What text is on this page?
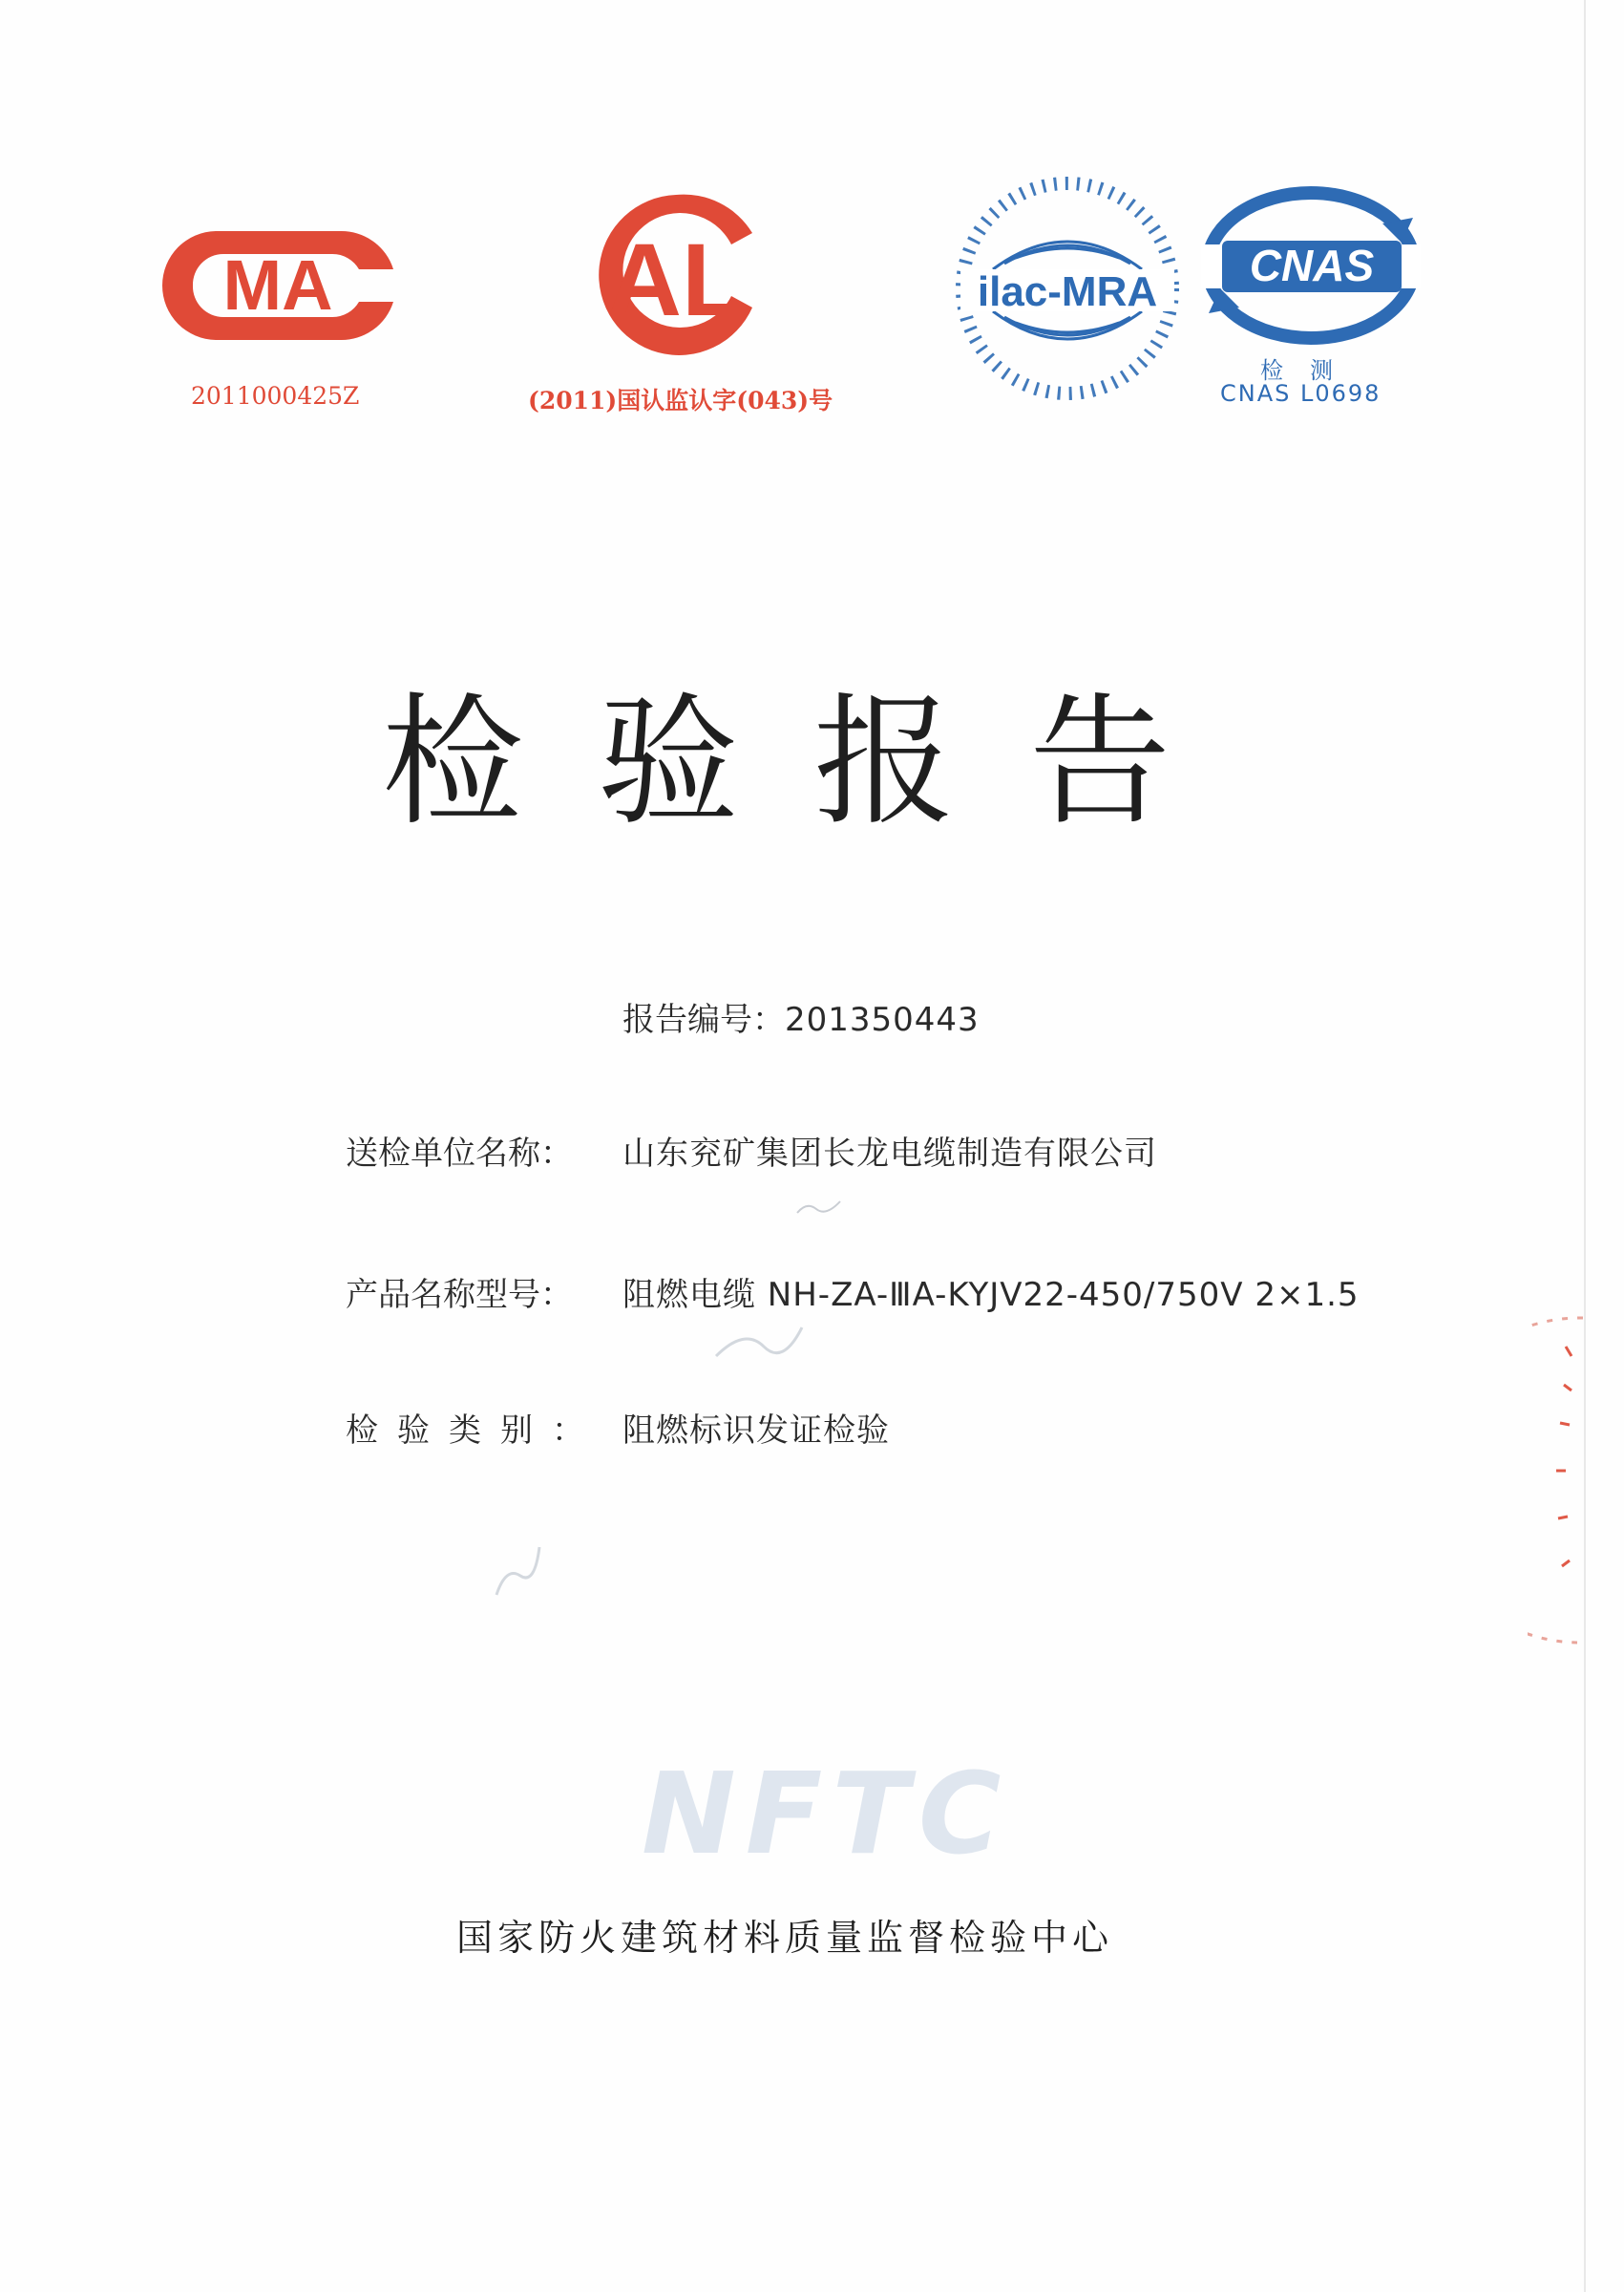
MA
2011000425Z
AL
(2011)国认监认字(043)号
ilac-MRA
CNAS
检测
CNAS L0698
检验报告
报告编号：201350443
送检单位名称： 山东兖矿集团长龙电缆制造有限公司
产品名称型号： 阻燃电缆 NH-ZA-ⅢA-KYJV22-450/750V 2×1.5
检验类别： 阻燃标识发证检验
NFTC
国家防火建筑材料质量监督检验中心
